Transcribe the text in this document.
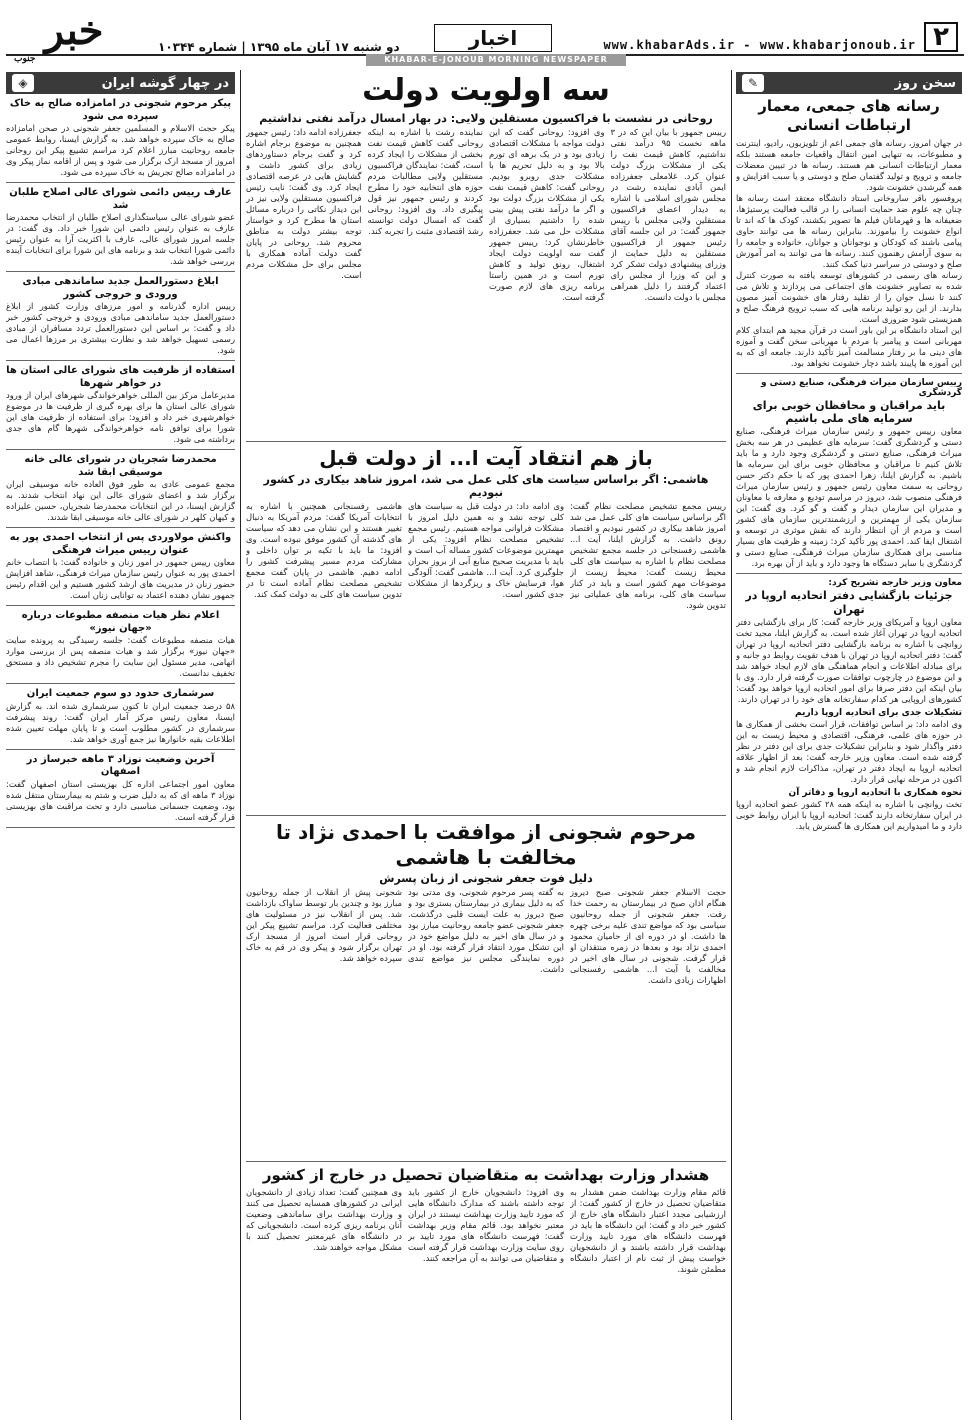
۲
www.khabarAds.ir - www.khabarjonoub.ir
اخبار
KHABAR-E-JONOUB MORNING NEWSPAPER
دو شنبه ۱۷ آبان ماه ۱۳۹۵ | شماره ۱۰۳۴۴
خبر
جنوب
سخن روز
✎
رسانه های جمعی، معمار ارتباطات انسانی

در جهان امروز، رسانه های جمعی اعم از تلویزیون، رادیو، اینترنت و مطبوعات، به تنهایی امین انتقال واقعیات جامعه هستند بلکه معمار ارتباطات انسانی هم هستند. رسانه ها در تبیین معضلات جامعه و ترویج و تولید گفتمان صلح و دوستی و یا سبب افزایش و همه گیرشدن خشونت شود.

پروفسور باقر ساروخانی استاد دانشگاه معتقد است رسانه ها چنان چه علوم ضد حمایت انسانی را در قالب فعالیت پرستیژها، ضعیفانه ها و قهرمانان فیلم ها تصویر بکشند، کودک ها که اند تا انواع خشونت را بیاموزند. بنابراین رسانه ها می توانند حاوی پیامی باشند که کودکان و نوجوانان و جوانان، خانواده و جامعه را به سوی آرامش رهنمون کنند. رسانه ها می توانند به امر آموزش صلح و دوستی در سراسر دنیا کمک کنند.

رسانه های رسمی در کشورهای توسعه یافته به صورت کنترل شده به تصاویر خشونت های اجتماعی می پردازند و تلاش می کنند تا نسل جوان را از تقلید رفتار های خشونت آمیز مصون بدارند. از این رو تولید برنامه هایی که سبب ترویج فرهنگ صلح و همزیستی شود ضروری است.

این استاد دانشگاه بر این باور است در قرآن مجید هم ابتدای کلام مهربانی است و پیامبر با مردم با مهربانی سخن گفت و آموزه های دینی ما بر رفتار مسالمت آمیز تأکید دارند. جامعه ای که به این آموزه ها پایبند باشد دچار خشونت نخواهد بود.

رییس سازمان میراث فرهنگی، صنایع دستی و گردشگری
باید مراقبان و محافظان خوبی برای سرمایه های ملی باشیم

معاون رییس جمهور و رئیس سازمان میراث فرهنگی، صنایع دستی و گردشگری گفت: سرمایه های عظیمی در هر سه بخش میراث فرهنگی، صنایع دستی و گردشگری وجود دارد و ما باید تلاش کنیم تا مراقبان و محافظان خوبی برای این سرمایه ها باشیم. به گزارش ایلنا، زهرا احمدی پور که با حکم دکتر حسن روحانی به سمت معاون رئیس جمهور و رئیس سازمان میراث فرهنگی منصوب شد، دیروز در مراسم تودیع و معارفه با معاونان و مدیران این سازمان دیدار و گفت و گو کرد. وی گفت: این سازمان یکی از مهمترین و ارزشمندترین سازمان های کشور است و مردم از آن انتظار دارند که نقش موثری در توسعه و اشتغال ایفا کند. احمدی پور تأکید کرد: زمینه و ظرفیت های بسیار مناسبی برای همکاری سازمان میراث فرهنگی، صنایع دستی و گردشگری با سایر دستگاه ها وجود دارد و باید از آن بهره برد.

معاون وزیر خارجه تشریح کرد:
جزئیات بازگشایی دفتر اتحادیه اروپا در تهران

معاون اروپا و آمریکای وزیر خارجه گفت: کار برای بازگشایی دفتر اتحادیه اروپا در تهران آغاز شده است. به گزارش ایلنا، مجید تخت روانچی با اشاره به برنامه بازگشایی دفتر اتحادیه اروپا در تهران گفت: دفتر اتحادیه اروپا در تهران با هدف تقویت روابط دو جانبه و برای مبادله اطلاعات و انجام هماهنگی های لازم ایجاد خواهد شد و این موضوع در چارچوب توافقات صورت گرفته قرار دارد. وی با بیان اینکه این دفتر صرفا برای امور اتحادیه اروپا خواهد بود گفت: کشورهای اروپایی هر کدام سفارتخانه های خود را در تهران دارند.

تشکیلات جدی برای اتحادیه اروپا داریم

وی ادامه داد: بر اساس توافقات، قرار است بخشی از همکاری ها در حوزه های علمی، فرهنگی، اقتصادی و محیط زیست به این دفتر واگذار شود و بنابراین تشکیلات جدی برای این دفتر در نظر گرفته شده است. معاون وزیر خارجه گفت: بعد از اظهار علاقه اتحادیه اروپا به ایجاد دفتر در تهران، مذاکرات لازم انجام شد و اکنون در مرحله نهایی قرار دارد.

نحوه همکاری با اتحادیه اروپا و دفاتر آن

تخت روانچی با اشاره به اینکه همه ۲۸ کشور عضو اتحادیه اروپا در ایران سفارتخانه دارند گفت: اتحادیه اروپا با ایران روابط خوبی دارد و ما امیدواریم این همکاری ها گسترش یابد.

سه اولویت دولت
روحانی در نشست با فراکسیون مستقلین ولایی: در بهار امسال درآمد نفتی نداشتیم

رییس جمهور با بیان این که در ۳ ماهه نخست ۹۵ درآمد نفتی نداشتیم، کاهش قیمت نفت را یکی از مشکلات بزرگ دولت عنوان کرد. غلامعلی جعفرزاده ایمن آبادی نماینده رشت در مجلس شورای اسلامی با اشاره به دیدار اعضای فراکسیون مستقلین ولایی مجلس با رییس جمهور گفت: در این جلسه آقای رئیس جمهور از فراکسیون مستقلین به دلیل حمایت از وزرای پیشنهادی دولت تشکر کرد و این که وزرا از مجلس رای اعتماد گرفتند را دلیل همراهی مجلس با دولت دانست.

وی افزود: روحانی گفت که این دولت مواجه با مشکلات اقتصادی زیادی بود و در یک برهه ای تورم بالا بود و به دلیل تحریم ها با مشکلات جدی روبرو بودیم. روحانی گفت: کاهش قیمت نفت یکی از مشکلات بزرگ دولت بود و اگر ما درآمد نفتی پیش بینی شده را داشتیم بسیاری از مشکلات حل می شد. جعفرزاده خاطرنشان کرد: رییس جمهور گفت سه اولویت دولت ایجاد اشتغال، رونق تولید و کاهش تورم است و در همین راستا برنامه ریزی های لازم صورت گرفته است.

نماینده رشت با اشاره به اینکه روحانی گفت کاهش قیمت نفت بخشی از مشکلات را ایجاد کرده است، گفت: نمایندگان فراکسیون مستقلین ولایی مطالبات مردم حوزه های انتخابیه خود را مطرح کردند و رئیس جمهور نیز قول پیگیری داد. وی افزود: روحانی گفت که امسال دولت توانسته رشد اقتصادی مثبت را تجربه کند.

جعفرزاده ادامه داد: رئیس جمهور همچنین به موضوع برجام اشاره کرد و گفت برجام دستاوردهای زیادی برای کشور داشت و گشایش هایی در عرصه اقتصادی ایجاد کرد. وی گفت: نایب رئیس فراکسیون مستقلین ولایی نیز در این دیدار نکاتی را درباره مسائل استان ها مطرح کرد و خواستار توجه بیشتر دولت به مناطق محروم شد. روحانی در پایان گفت دولت آماده همکاری با مجلس برای حل مشکلات مردم است.

باز هم انتقاد آیت ا... از دولت قبل
هاشمی: اگر براساس سیاست های کلی عمل می شد، امروز شاهد بیکاری در کشور نبودیم

رییس مجمع تشخیص مصلحت نظام گفت: اگر براساس سیاست های کلی عمل می شد امروز شاهد بیکاری در کشور نبودیم و اقتصاد رونق داشت. به گزارش ایلنا، آیت ا... هاشمی رفسنجانی در جلسه مجمع تشخیص مصلحت نظام با اشاره به سیاست های کلی محیط زیست گفت: محیط زیست از موضوعات مهم کشور است و باید در کنار سیاست های کلی، برنامه های عملیاتی نیز تدوین شود.

وی ادامه داد: در دولت قبل به سیاست های کلی توجه نشد و به همین دلیل امروز با مشکلات فراوانی مواجه هستیم. رئیس مجمع تشخیص مصلحت نظام افزود: یکی از مهمترین موضوعات کشور مساله آب است و باید با مدیریت صحیح منابع آبی از بروز بحران جلوگیری کرد. آیت ا... هاشمی گفت: آلودگی هوا، فرسایش خاک و ریزگردها از مشکلات جدی کشور است.

هاشمی رفسنجانی همچنین با اشاره به انتخابات آمریکا گفت: مردم آمریکا به دنبال تغییر هستند و این نشان می دهد که سیاست های گذشته آن کشور موفق نبوده است. وی افزود: ما باید با تکیه بر توان داخلی و مشارکت مردم مسیر پیشرفت کشور را ادامه دهیم. هاشمی در پایان گفت مجمع تشخیص مصلحت نظام آماده است تا در تدوین سیاست های کلی به دولت کمک کند.

مرحوم شجونی از موافقت با احمدی نژاد تا مخالفت با هاشمی
دلیل فوت جعفر شجونی از زبان پسرش

حجت الاسلام جعفر شجونی صبح دیروز هنگام اذان صبح در بیمارستان به رحمت خدا رفت. جعفر شجونی از جمله روحانیون سیاسی بود که مواضع تندی علیه برخی چهره ها داشت. او در دوره ای از حامیان محمود احمدی نژاد بود و بعدها در زمره منتقدان او قرار گرفت. شجونی در سال های اخیر در مخالفت با آیت ا... هاشمی رفسنجانی اظهارات زیادی داشت.

به گفته پسر مرحوم شجونی، وی مدتی بود که به دلیل بیماری در بیمارستان بستری بود و صبح دیروز به علت ایست قلبی درگذشت. جعفر شجونی عضو جامعه روحانیت مبارز بود و در سال های اخیر به دلیل مواضع خود در این تشکل مورد انتقاد قرار گرفته بود. او در دوره نمایندگی مجلس نیز مواضع تندی داشت.

شجونی پیش از انقلاب از جمله روحانیون مبارز بود و چندین بار توسط ساواک بازداشت شد. پس از انقلاب نیز در مسئولیت های مختلفی فعالیت کرد. مراسم تشییع پیکر این روحانی قرار است امروز از مسجد ارک تهران برگزار شود و پیکر وی در قم به خاک سپرده خواهد شد.

هشدار وزارت بهداشت به متقاضیان تحصیل در خارج از کشور

قائم مقام وزارت بهداشت ضمن هشدار به متقاضیان تحصیل در خارج از کشور گفت: از ارزشیابی مجدد اعتبار دانشگاه های خارج از کشور خبر داد و گفت: این دانشگاه ها باید در فهرست دانشگاه های مورد تایید وزارت بهداشت قرار داشته باشند و از دانشجویان خواست پیش از ثبت نام از اعتبار دانشگاه مطمئن شوند.

وی افزود: دانشجویان خارج از کشور باید توجه داشته باشند که مدارک دانشگاه هایی که مورد تایید وزارت بهداشت نیستند در ایران معتبر نخواهد بود. قائم مقام وزیر بهداشت گفت: فهرست دانشگاه های مورد تایید بر روی سایت وزارت بهداشت قرار گرفته است و متقاضیان می توانند به آن مراجعه کنند.

وی همچنین گفت: تعداد زیادی از دانشجویان ایرانی در کشورهای همسایه تحصیل می کنند و وزارت بهداشت برای ساماندهی وضعیت آنان برنامه ریزی کرده است. دانشجویانی که در دانشگاه های غیرمعتبر تحصیل کنند با مشکل مواجه خواهند شد.

در چهار گوشه ایران
◈
پیکر مرحوم شجونی در امامزاده صالح به خاک سپرده می شود

پیکر حجت الاسلام و المسلمین جعفر شجونی در صحن امامزاده صالح به خاک سپرده خواهد شد. به گزارش ایسنا، روابط عمومی جامعه روحانیت مبارز اعلام کرد مراسم تشییع پیکر این روحانی امروز از مسجد ارک برگزار می شود و پس از اقامه نماز پیکر وی در امامزاده صالح تجریش به خاک سپرده می شود.

عارف رییس دائمی شورای عالی اصلاح طلبان شد

عضو شورای عالی سیاستگذاری اصلاح طلبان از انتخاب محمدرضا عارف به عنوان رئیس دائمی این شورا خبر داد. وی گفت: در جلسه امروز شورای عالی، عارف با اکثریت آرا به عنوان رئیس دائمی شورا انتخاب شد و برنامه های این شورا برای انتخابات آینده بررسی خواهد شد.

ابلاغ دستورالعمل جدید ساماندهی مبادی ورودی و خروجی کشور

رییس اداره گذرنامه و امور مرزهای وزارت کشور از ابلاغ دستورالعمل جدید ساماندهی مبادی ورودی و خروجی کشور خبر داد و گفت: بر اساس این دستورالعمل تردد مسافران از مبادی رسمی تسهیل خواهد شد و نظارت بیشتری بر مرزها اعمال می شود.

استفاده از ظرفیت های شورای عالی استان ها در خواهر شهرها

مدیرعامل مرکز بین المللی خواهرخواندگی شهرهای ایران از ورود شورای عالی استان ها برای بهره گیری از ظرفیت ها در موضوع خواهرشهری خبر داد و افزود: برای استفاده از ظرفیت های این شورا برای توافق نامه خواهرخواندگی شهرها گام های جدی برداشته می شود.

محمدرضا شجریان در شورای عالی خانه موسیقی ابقا شد

مجمع عمومی عادی به طور فوق العاده خانه موسیقی ایران برگزار شد و اعضای شورای عالی این نهاد انتخاب شدند. به گزارش ایسنا، در این انتخابات محمدرضا شجریان، حسین علیزاده و کیهان کلهر در شورای عالی خانه موسیقی ابقا شدند.

واکنش مولاوردی پس از انتخاب احمدی پور به عنوان رییس میراث فرهنگی

معاون رییس جمهور در امور زنان و خانواده گفت: با انتصاب خانم احمدی پور به عنوان رئیس سازمان میراث فرهنگی، شاهد افزایش حضور زنان در مدیریت های ارشد کشور هستیم و این اقدام رئیس جمهور نشان دهنده اعتماد به توانایی زنان است.

اعلام نظر هیات منصفه مطبوعات درباره «جهان نیوز»

هیات منصفه مطبوعات گفت: جلسه رسیدگی به پرونده سایت «جهان نیوز» برگزار شد و هیات منصفه پس از بررسی موارد اتهامی، مدیر مسئول این سایت را مجرم تشخیص داد و مستحق تخفیف ندانست.

سرشماری حدود دو سوم جمعیت ایران

۵۸ درصد جمعیت ایران تا کنون سرشماری شده اند. به گزارش ایسنا، معاون رئیس مرکز آمار ایران گفت: روند پیشرفت سرشماری در کشور مطلوب است و تا پایان مهلت تعیین شده اطلاعات بقیه خانوارها نیز جمع آوری خواهد شد.

آخرین وضعیت نوزاد ۳ ماهه خبرساز در اصفهان

معاون امور اجتماعی اداره کل بهزیستی استان اصفهان گفت: نوزاد ۳ ماهه ای که به دلیل ضرب و شتم به بیمارستان منتقل شده بود، وضعیت جسمانی مناسبی دارد و تحت مراقبت های بهزیستی قرار گرفته است.
